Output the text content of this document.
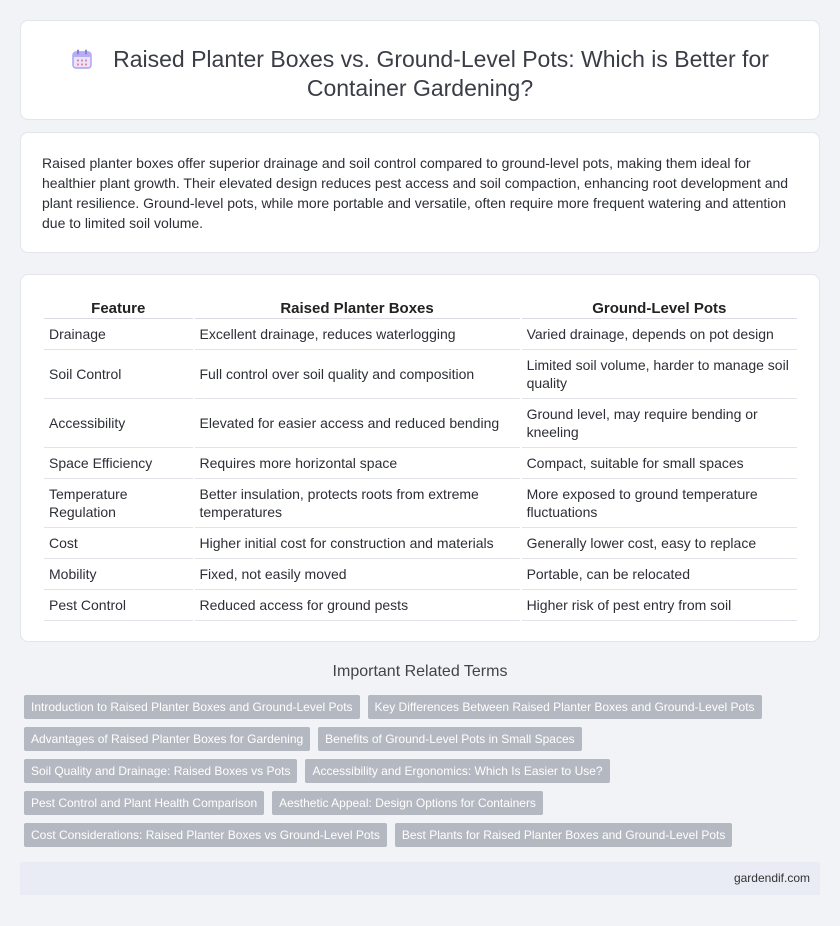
Raised Planter Boxes vs. Ground-Level Pots: Which is Better for Container Gardening?

Raised planter boxes offer superior drainage and soil control compared to ground-level pots, making them ideal for healthier plant growth. Their elevated design reduces pest access and soil compaction, enhancing root development and plant resilience. Ground-level pots, while more portable and versatile, often require more frequent watering and attention due to limited soil volume.

Feature	Raised Planter Boxes	Ground-Level Pots
Drainage	Excellent drainage, reduces waterlogging	Varied drainage, depends on pot design
Soil Control	Full control over soil quality and composition	Limited soil volume, harder to manage soil quality
Accessibility	Elevated for easier access and reduced bending	Ground level, may require bending or kneeling
Space Efficiency	Requires more horizontal space	Compact, suitable for small spaces
Temperature Regulation	Better insulation, protects roots from extreme temperatures	More exposed to ground temperature fluctuations
Cost	Higher initial cost for construction and materials	Generally lower cost, easy to replace
Mobility	Fixed, not easily moved	Portable, can be relocated
Pest Control	Reduced access for ground pests	Higher risk of pest entry from soil
Important Related Terms
Introduction to Raised Planter Boxes and Ground-Level Pots	Key Differences Between Raised Planter Boxes and Ground-Level Pots
Advantages of Raised Planter Boxes for Gardening	Benefits of Ground-Level Pots in Small Spaces
Soil Quality and Drainage: Raised Boxes vs Pots	Accessibility and Ergonomics: Which Is Easier to Use?
Pest Control and Plant Health Comparison	Aesthetic Appeal: Design Options for Containers
Cost Considerations: Raised Planter Boxes vs Ground-Level Pots	Best Plants for Raised Planter Boxes and Ground-Level Pots
gardendif.com
